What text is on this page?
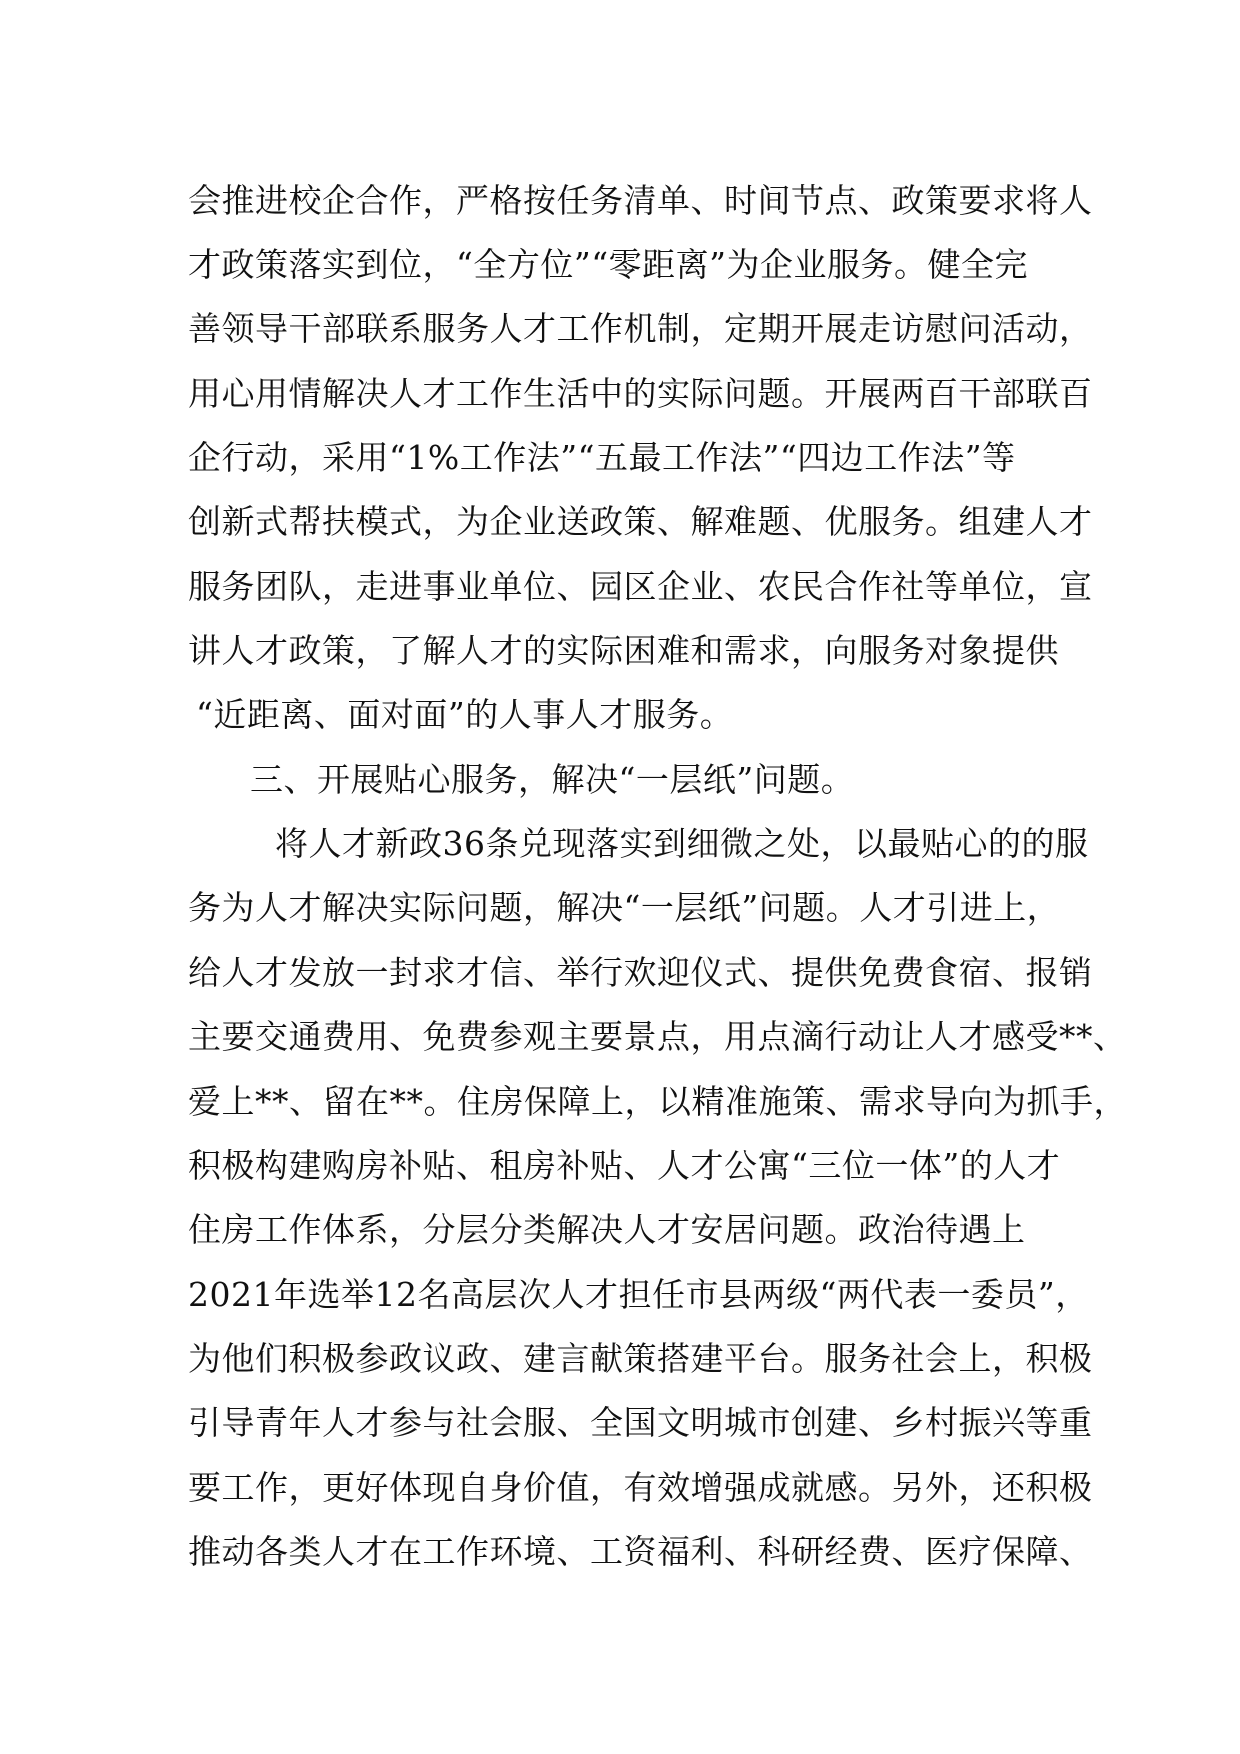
会推进校企合作，严格按任务清单、时间节点、政策要求将人
才政策落实到位，“全方位”“零距离”为企业服务。健全完
善领导干部联系服务人才工作机制，定期开展走访慰问活动，
用心用情解决人才工作生活中的实际问题。开展两百干部联百
企行动，采用“1%工作法”“五最工作法”“四边工作法”等
创新式帮扶模式，为企业送政策、解难题、优服务。组建人才
服务团队，走进事业单位、园区企业、农民合作社等单位，宣
讲人才政策，了解人才的实际困难和需求，向服务对象提供
“近距离、面对面”的人事人才服务。
三、开展贴心服务，解决“一层纸”问题。
将人才新政36条兑现落实到细微之处，以最贴心的的服
务为人才解决实际问题，解决“一层纸”问题。人才引进上，
给人才发放一封求才信、举行欢迎仪式、提供免费食宿、报销
主要交通费用、免费参观主要景点，用点滴行动让人才感受**、
爱上**、留在**。住房保障上，以精准施策、需求导向为抓手，
积极构建购房补贴、租房补贴、人才公寓“三位一体”的人才
住房工作体系，分层分类解决人才安居问题。政治待遇上
2021年选举12名高层次人才担任市县两级“两代表一委员”，
为他们积极参政议政、建言献策搭建平台。服务社会上，积极
引导青年人才参与社会服、全国文明城市创建、乡村振兴等重
要工作，更好体现自身价值，有效增强成就感。另外，还积极
推动各类人才在工作环境、工资福利、科研经费、医疗保障、
